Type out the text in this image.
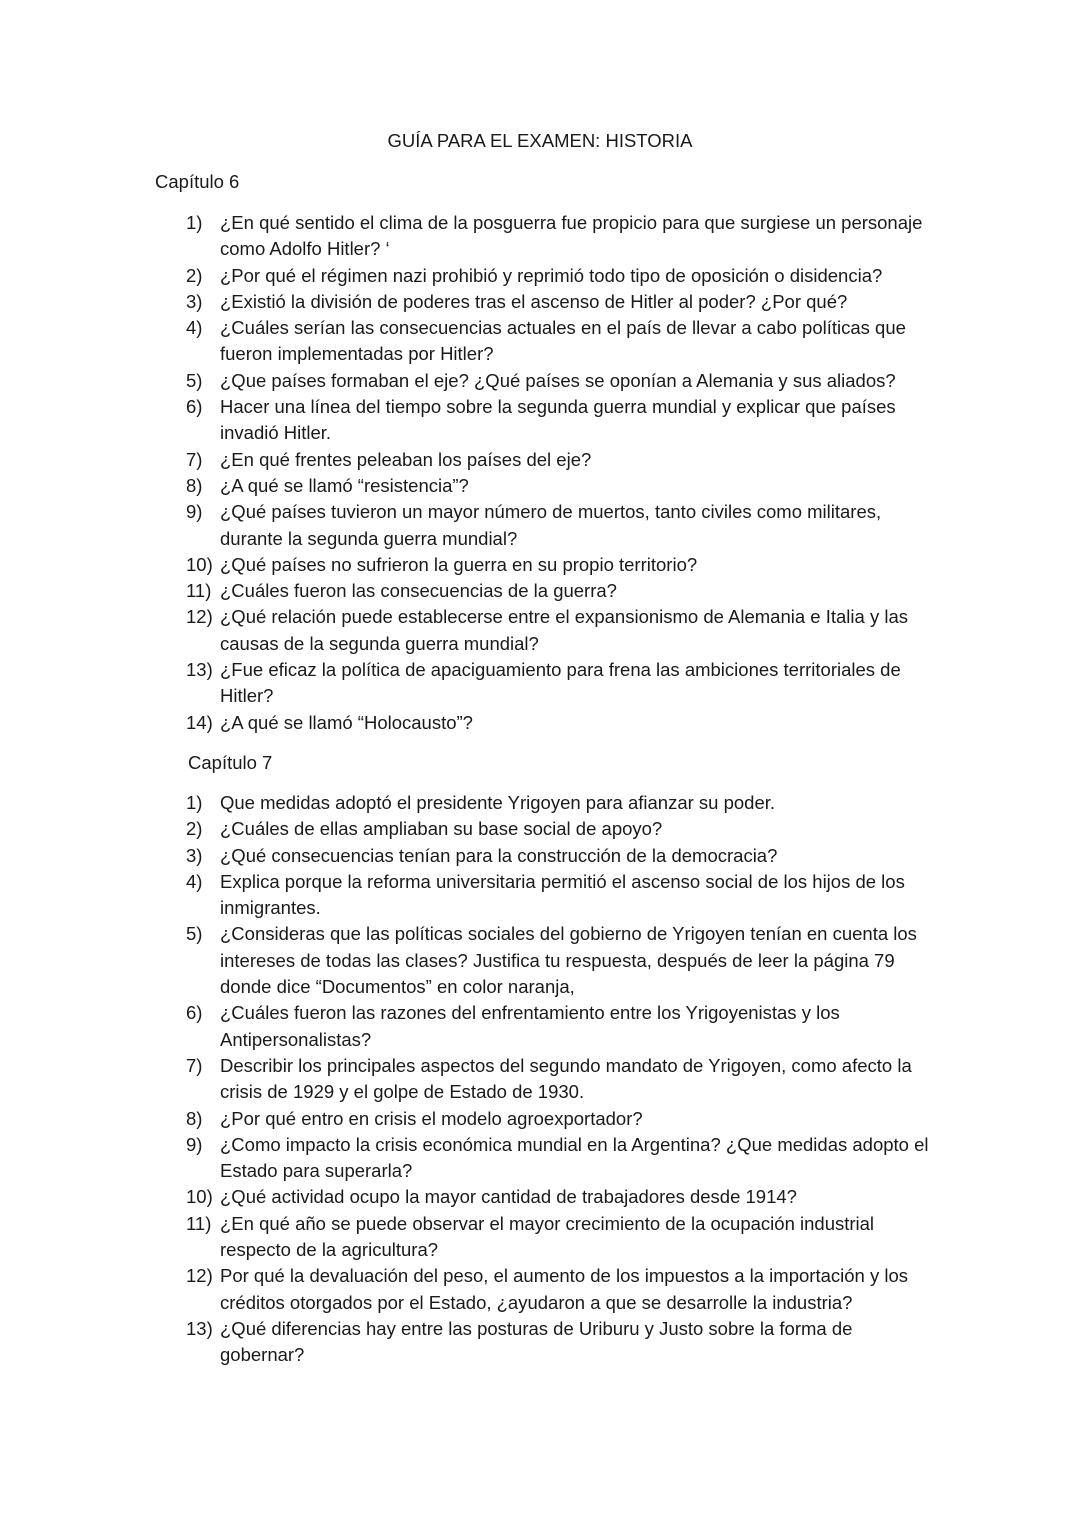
GUÍA PARA EL EXAMEN: HISTORIA
Capítulo 6
1) ¿En qué sentido el clima de la posguerra fue propicio para que surgiese un personaje como Adolfo Hitler? ‘
2) ¿Por qué el régimen nazi prohibió y reprimió todo tipo de oposición o disidencia?
3) ¿Existió la división de poderes tras el ascenso de Hitler al poder? ¿Por qué?
4) ¿Cuáles serían las consecuencias actuales en el país de llevar a cabo políticas que fueron implementadas por Hitler?
5) ¿Que países formaban el eje? ¿Qué países se oponían a Alemania y sus aliados?
6) Hacer una línea del tiempo sobre la segunda guerra mundial y explicar que países invadió Hitler.
7) ¿En qué frentes peleaban los países del eje?
8) ¿A qué se llamó “resistencia”?
9) ¿Qué países tuvieron un mayor número de muertos, tanto civiles como militares, durante la segunda guerra mundial?
10) ¿Qué países no sufrieron la guerra en su propio territorio?
11) ¿Cuáles fueron las consecuencias de la guerra?
12) ¿Qué relación puede establecerse entre el expansionismo de Alemania e Italia y las causas de la segunda guerra mundial?
13) ¿Fue eficaz la política de apaciguamiento para frena las ambiciones territoriales de Hitler?
14) ¿A qué se llamó “Holocausto”?
Capítulo 7
1) Que medidas adoptó el presidente Yrigoyen para afianzar su poder.
2) ¿Cuáles de ellas ampliaban su base social de apoyo?
3) ¿Qué consecuencias tenían para la construcción de la democracia?
4) Explica porque la reforma universitaria permitió el ascenso social de los hijos de los inmigrantes.
5) ¿Consideras que las políticas sociales del gobierno de Yrigoyen tenían en cuenta los intereses de todas las clases? Justifica tu respuesta, después de leer la página 79 donde dice “Documentos” en color naranja,
6) ¿Cuáles fueron las razones del enfrentamiento entre los Yrigoyenistas y los Antipersonalistas?
7) Describir los principales aspectos del segundo mandato de Yrigoyen, como afecto la crisis de 1929 y el golpe de Estado de 1930.
8) ¿Por qué entro en crisis el modelo agroexportador?
9) ¿Como impacto la crisis económica mundial en la Argentina? ¿Que medidas adopto el Estado para superarla?
10) ¿Qué actividad ocupo la mayor cantidad de trabajadores desde 1914?
11) ¿En qué año se puede observar el mayor crecimiento de la ocupación industrial respecto de la agricultura?
12) Por qué la devaluación del peso, el aumento de los impuestos a la importación y los créditos otorgados por el Estado, ¿ayudaron a que se desarrolle la industria?
13) ¿Qué diferencias hay entre las posturas de Uriburu y Justo sobre la forma de gobernar?
